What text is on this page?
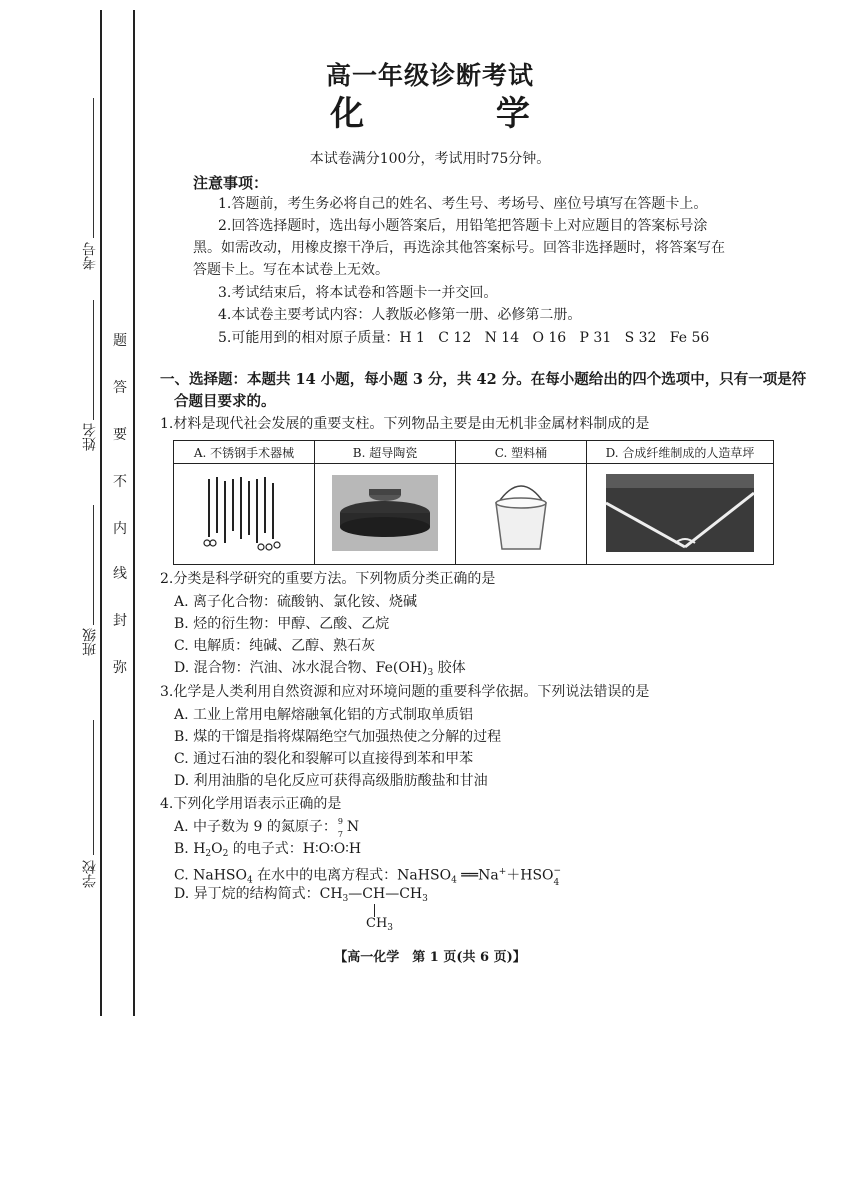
考号
姓名
班级
学校
题
答
要
不
内
线
封
弥
高一年级诊断考试
化 学
本试卷满分100分，考试用时75分钟。
注意事项：
1.答题前，考生务必将自己的姓名、考生号、考场号、座位号填写在答题卡上。
2.回答选择题时，选出每小题答案后，用铅笔把答题卡上对应题目的答案标号涂
黑。如需改动，用橡皮擦干净后，再选涂其他答案标号。回答非选择题时，将答案写在
答题卡上。写在本试卷上无效。
3.考试结束后，将本试卷和答题卡一并交回。
4.本试卷主要考试内容：人教版必修第一册、必修第二册。
5.可能用到的相对原子质量：H 1   C 12   N 14   O 16   P 31   S 32   Fe 56
一、选择题：本题共 14 小题，每小题 3 分，共 42 分。在每小题给出的四个选项中，只有一项是符
合题目要求的。
1.材料是现代社会发展的重要支柱。下列物品主要是由无机非金属材料制成的是
A. 不锈钢手术器械	B. 超导陶瓷	C. 塑料桶	D. 合成纤维制成的人造草坪

2.分类是科学研究的重要方法。下列物质分类正确的是
A. 离子化合物：硫酸钠、氯化铵、烧碱
B. 烃的衍生物：甲醇、乙酸、乙烷
C. 电解质：纯碱、乙醇、熟石灰
D. 混合物：汽油、冰水混合物、$Fe(OH)_3$ 胶体
3.化学是人类利用自然资源和应对环境问题的重要科学依据。下列说法错误的是
A. 工业上常用电解熔融氧化铝的方式制取单质铝
B. 煤的干馏是指将煤隔绝空气加强热使之分解的过程
C. 通过石油的裂化和裂解可以直接得到苯和甲苯
D. 利用油脂的皂化反应可获得高级脂肪酸盐和甘油
4.下列化学用语表示正确的是
A. 中子数为 9 的氮原子： 9
7 N
B. $H_2O_2$ 的电子式：H∶O∶O∶H
C. NaHSO$_4$ 在水中的电离方程式：NaHSO$_4$ ══Na+＋HSO −
4
D. 异丁烷的结构简式：$CH_3—CH—CH_3$
$CH_3$
【高一化学　第 1 页(共 6 页)】
